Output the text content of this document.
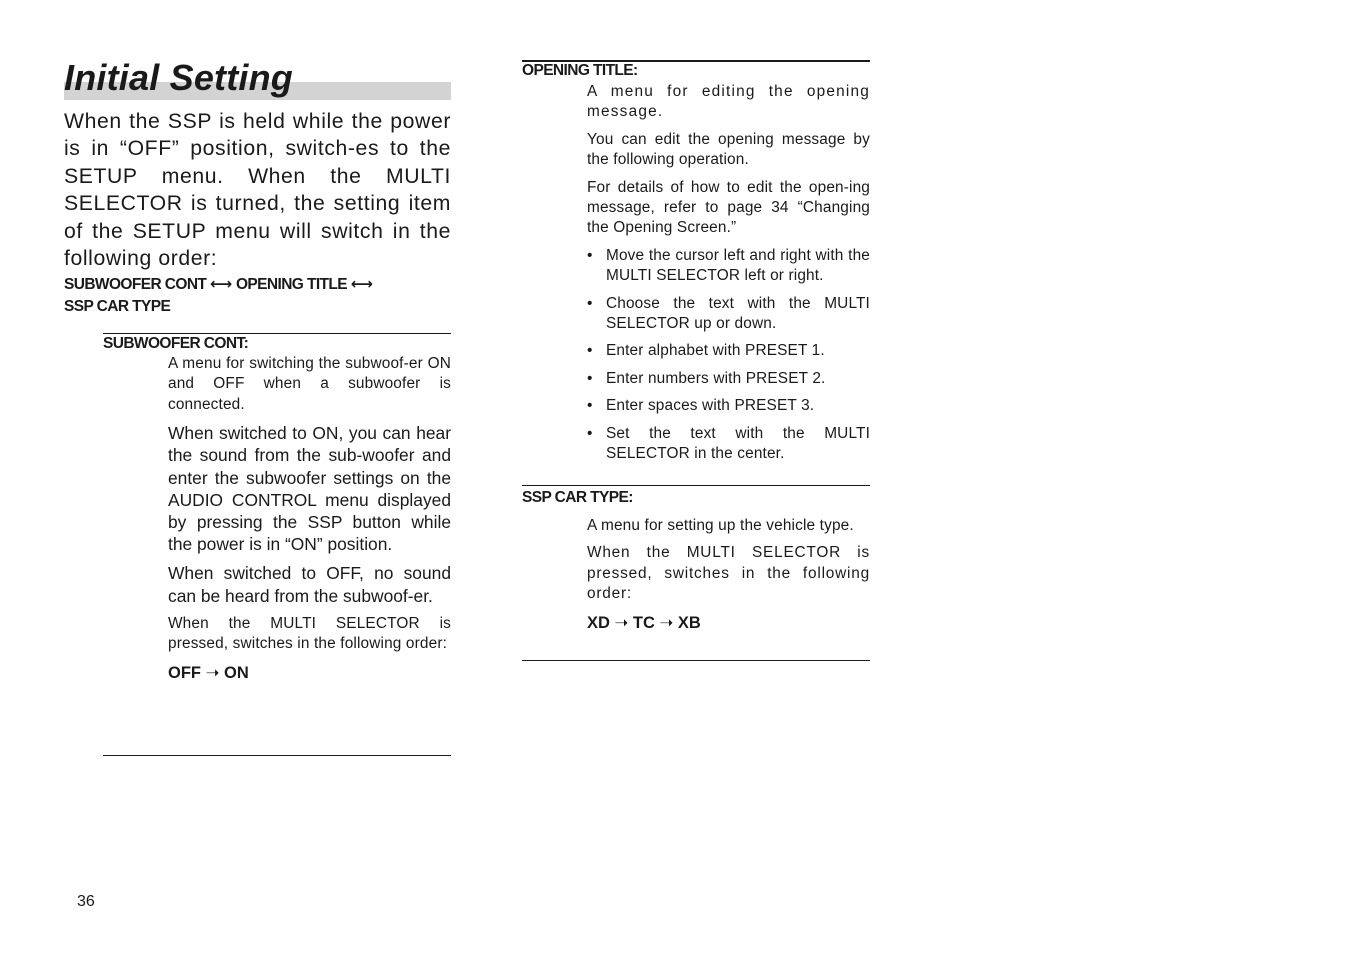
Initial Setting

When the SSP is held while the power is in “OFF” position, switch-es to the SETUP menu. When the MULTI SELECTOR is turned, the setting item of the SETUP menu will switch in the following order:

SUBWOOFER CONT ⟷ OPENING TITLE ⟷
SSP CAR TYPE

SUBWOOFER CONT:

A menu for switching the subwoof-er ON and OFF when a subwoofer is connected.

When switched to ON, you can hear the sound from the sub-woofer and enter the subwoofer settings on the AUDIO CONTROL menu displayed by pressing the SSP button while the power is in “ON” position.

When switched to OFF, no sound can be heard from the subwoof-er.

When the MULTI SELECTOR is pressed, switches in the following order:

OFF ➝ ON

OPENING TITLE:

A menu for editing the opening message.

You can edit the opening message by the following operation.

For details of how to edit the open-ing message, refer to page 34 “Changing the Opening Screen.”

• Move the cursor left and right with the MULTI SELECTOR left or right.
• Choose the text with the MULTI SELECTOR up or down.
• Enter alphabet with PRESET 1.
• Enter numbers with PRESET 2.
• Enter spaces with PRESET 3.
• Set the text with the MULTI SELECTOR in the center.
SSP CAR TYPE:

A menu for setting up the vehicle type.

When the MULTI SELECTOR is pressed, switches in the following order:

XD ➝ TC ➝ XB

36
